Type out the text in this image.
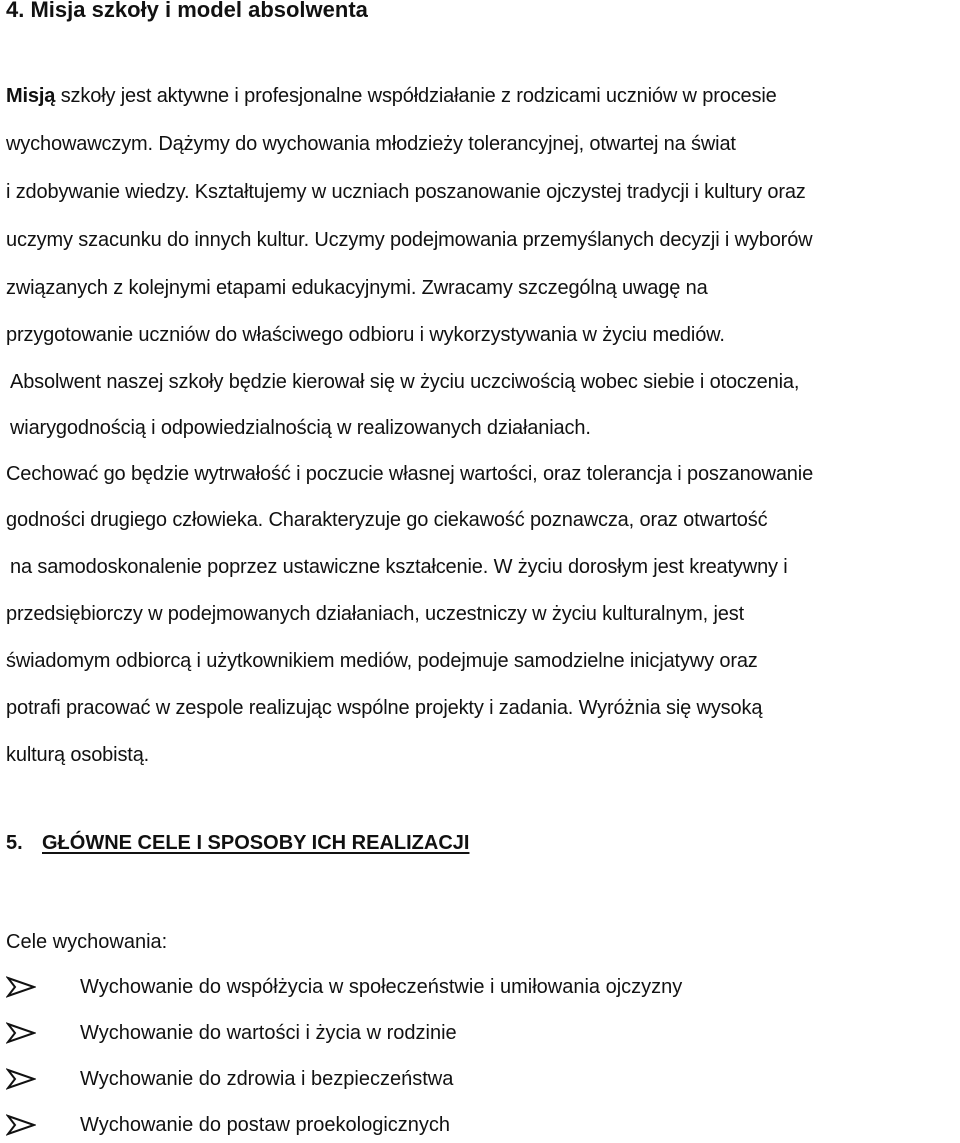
4. Misja szkoły i model absolwenta
Misją szkoły jest aktywne i profesjonalne współdziałanie z rodzicami uczniów w procesie
wychowawczym. Dążymy do wychowania młodzieży tolerancyjnej, otwartej na świat
i zdobywanie wiedzy. Kształtujemy w uczniach poszanowanie ojczystej tradycji i kultury oraz
uczymy szacunku do innych kultur. Uczymy podejmowania przemyślanych decyzji i wyborów
związanych z kolejnymi etapami edukacyjnymi. Zwracamy szczególną uwagę na
przygotowanie uczniów do właściwego odbioru i wykorzystywania w życiu mediów.
Absolwent naszej szkoły będzie kierował się w życiu uczciwością wobec siebie i otoczenia,
wiarygodnością i odpowiedzialnością w realizowanych działaniach.
Cechować go będzie wytrwałość i poczucie własnej wartości, oraz tolerancja i poszanowanie
godności drugiego człowieka. Charakteryzuje go ciekawość poznawcza, oraz otwartość
na samodoskonalenie poprzez ustawiczne kształcenie. W życiu dorosłym jest kreatywny i
przedsiębiorczy w podejmowanych działaniach, uczestniczy w życiu kulturalnym, jest
świadomym odbiorcą i użytkownikiem mediów, podejmuje samodzielne inicjatywy oraz
potrafi pracować w zespole realizując wspólne projekty i zadania. Wyróżnia się wysoką
kulturą osobistą.
5. GŁÓWNE CELE I SPOSOBY ICH REALIZACJI
Cele wychowania:
Wychowanie do współżycia w społeczeństwie i umiłowania ojczyzny
Wychowanie do wartości i życia w rodzinie
Wychowanie do zdrowia i bezpieczeństwa
Wychowanie do postaw proekologicznych
